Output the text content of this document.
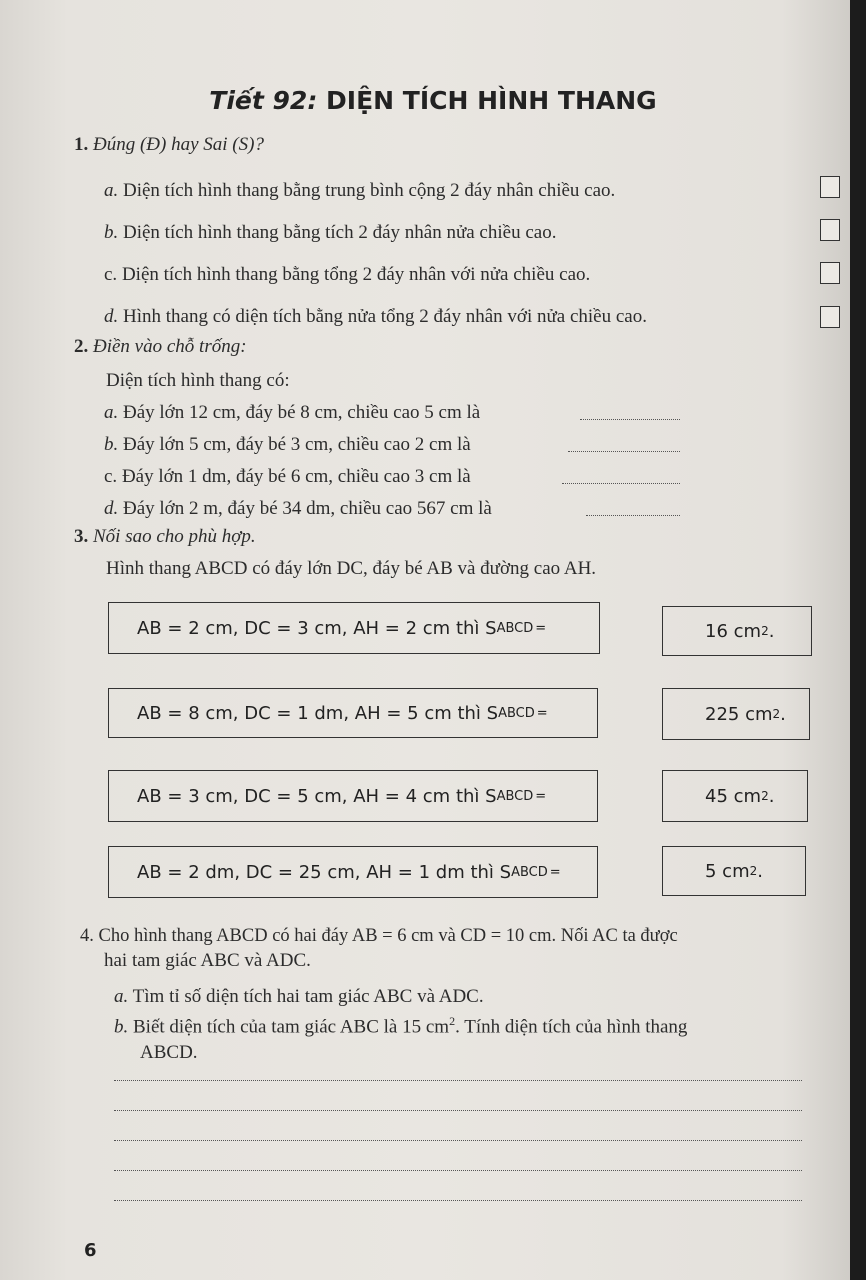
Tiết 92: DIỆN TÍCH HÌNH THANG
1. Đúng (Đ) hay Sai (S)?
a. Diện tích hình thang bằng trung bình cộng 2 đáy nhân chiều cao.
b. Diện tích hình thang bằng tích 2 đáy nhân nửa chiều cao.
c. Diện tích hình thang bằng tổng 2 đáy nhân với nửa chiều cao.
d. Hình thang có diện tích bằng nửa tổng 2 đáy nhân với nửa chiều cao.
2. Điền vào chỗ trống:
Diện tích hình thang có:
a. Đáy lớn 12 cm, đáy bé 8 cm, chiều cao 5 cm là
b. Đáy lớn 5 cm, đáy bé 3 cm, chiều cao 2 cm là
c. Đáy lớn 1 dm, đáy bé 6 cm, chiều cao 3 cm là
d. Đáy lớn 2 m, đáy bé 34 dm, chiều cao 567 cm là
3. Nối sao cho phù hợp.
Hình thang ABCD có đáy lớn DC, đáy bé AB và đường cao AH.
AB = 2 cm, DC = 3 cm, AH = 2 cm thì S ABCD =	16 cm 2 .
AB = 8 cm, DC = 1 dm, AH = 5 cm thì S ABCD =	225 cm 2 .
AB = 3 cm, DC = 5 cm, AH = 4 cm thì S ABCD =	45 cm 2 .
AB = 2 dm, DC = 25 cm, AH = 1 dm thì S ABCD =	5 cm 2 .
4. Cho hình thang ABCD có hai đáy AB = 6 cm và CD = 10 cm. Nối AC ta được
hai tam giác ABC và ADC.
a. Tìm tỉ số diện tích hai tam giác ABC và ADC.
b. Biết diện tích của tam giác ABC là 15 $cm^2$. Tính diện tích của hình thang
ABCD.
6
